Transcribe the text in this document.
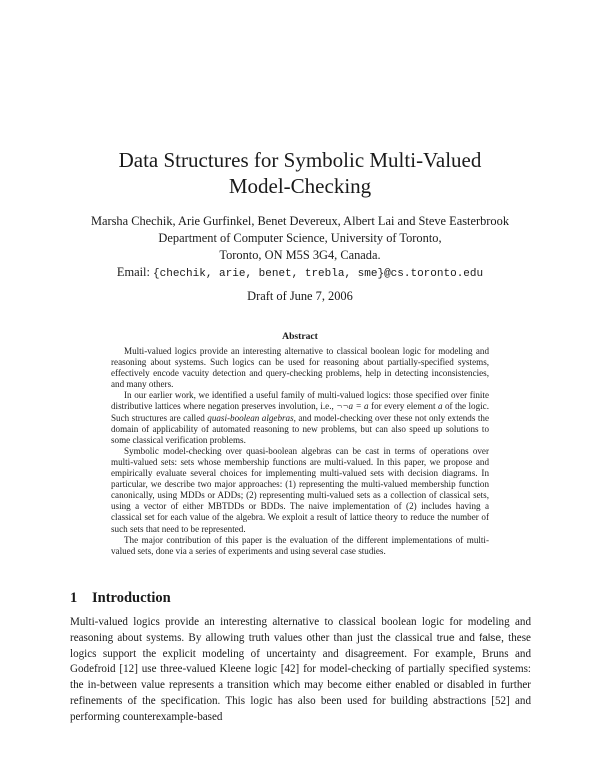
Data Structures for Symbolic Multi-Valued
Model-Checking
Marsha Chechik, Arie Gurfinkel, Benet Devereux, Albert Lai and Steve Easterbrook
Department of Computer Science, University of Toronto,
Toronto, ON M5S 3G4, Canada.
Email: {chechik, arie, benet, trebla, sme}@cs.toronto.edu
Draft of June 7, 2006
Abstract

Multi-valued logics provide an interesting alternative to classical boolean logic for modeling and reasoning about systems. Such logics can be used for reasoning about partially-specified systems, effectively encode vacuity detection and query-checking problems, help in detecting inconsistencies, and many others.

In our earlier work, we identified a useful family of multi-valued logics: those specified over finite distributive lattices where negation preserves involution, i.e., ¬¬a = a for every element a of the logic. Such structures are called quasi-boolean algebras, and model-checking over these not only extends the domain of applicability of automated reasoning to new problems, but can also speed up solutions to some classical verification problems.

Symbolic model-checking over quasi-boolean algebras can be cast in terms of operations over multi-valued sets: sets whose membership functions are multi-valued. In this paper, we propose and empirically evaluate several choices for implementing multi-valued sets with decision diagrams. In particular, we describe two major approaches: (1) representing the multi-valued membership function canonically, using MDDs or ADDs; (2) representing multi-valued sets as a collection of classical sets, using a vector of either MBTDDs or BDDs. The naive implementation of (2) includes having a classical set for each value of the algebra. We exploit a result of lattice theory to reduce the number of such sets that need to be represented.

The major contribution of this paper is the evaluation of the different implementations of multi-valued sets, done via a series of experiments and using several case studies.

1 Introduction

Multi-valued logics provide an interesting alternative to classical boolean logic for modeling and reasoning about systems. By allowing truth values other than just the classical true and false, these logics support the explicit modeling of uncertainty and disagreement. For example, Bruns and Godefroid [12] use three-valued Kleene logic [42] for model-checking of partially specified systems: the in-between value represents a transition which may become either enabled or disabled in further refinements of the specification. This logic has also been used for building abstractions [52] and performing counterexample-based
